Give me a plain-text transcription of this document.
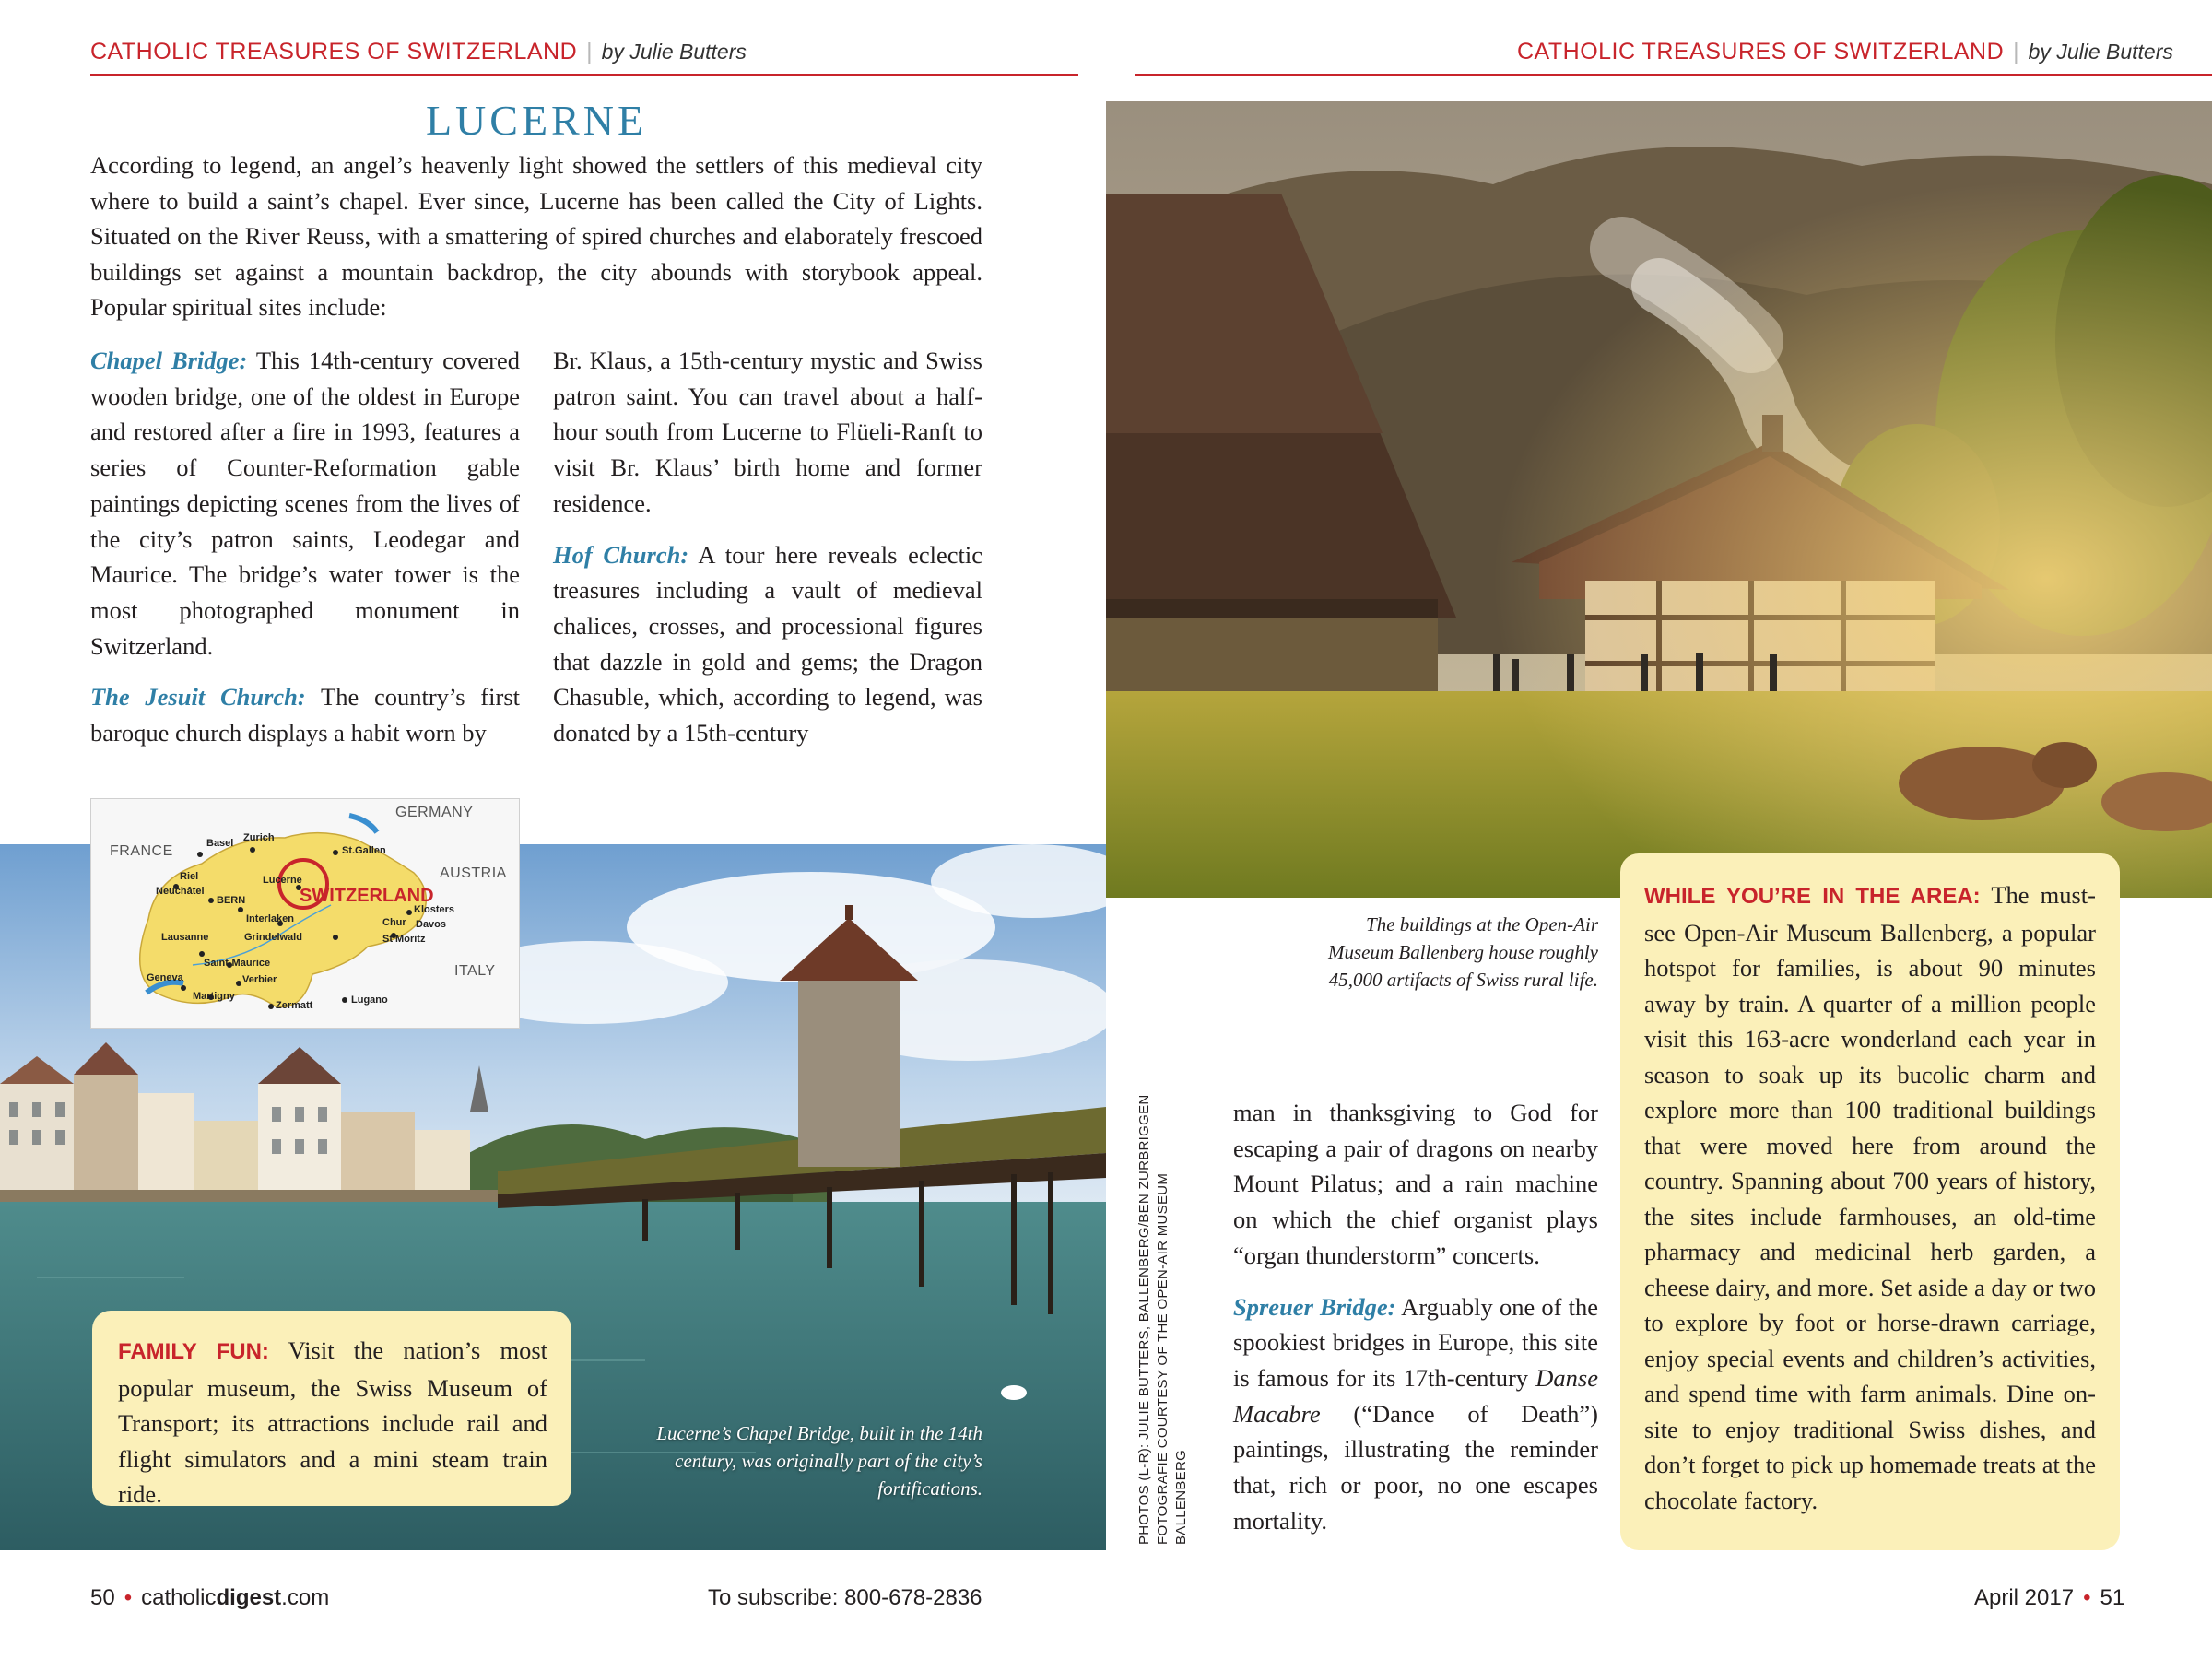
CATHOLIC TREASURES OF SWITZERLAND | by Julie Butters	CATHOLIC TREASURES OF SWITZERLAND | by Julie Butters
LUCERNE
According to legend, an angel’s heavenly light showed the settlers of this medieval city where to build a saint’s chapel. Ever since, Lucerne has been called the City of Lights. Situated on the River Reuss, with a smattering of spired churches and elaborately frescoed buildings set against a mountain backdrop, the city abounds with storybook appeal. Popular spiritual sites include:

Chapel Bridge: This 14th-century covered wooden bridge, one of the oldest in Europe and restored after a fire in 1993, features a series of Counter-Reformation gable paintings depicting scenes from the lives of the city’s patron saints, Leodegar and Maurice. The bridge’s water tower is the most photographed monument in Switzerland.

The Jesuit Church: The country’s first baroque church displays a habit worn by

Br. Klaus, a 15th-century mystic and Swiss patron saint. You can travel about a half-hour south from Lucerne to Flüeli-Ranft to visit Br. Klaus’ birth home and former residence.

Hof Church: A tour here reveals eclectic treasures including a vault of medieval chalices, crosses, and processional figures that dazzle in gold and gems; the Dragon Chasuble, which, according to legend, was donated by a 15th-century

GERMANY
FRANCE
AUSTRIA
ITALY
SWITZERLAND
Basel Zurich
St.Gallen
Riel
Neuchâtel
Lucerne
BERN
Interlaken
Klosters
Chur Davos
Grindelwald	St Moritz
Lausanne
Saint-Maurice
Geneva	Verbier
Martigny
Zermatt	Lugano
FAMILY FUN: Visit the nation’s most popular museum, the Swiss Museum of Transport; its attractions include rail and flight simulators and a mini steam train ride.
Lucerne’s Chapel Bridge, built in the 14th century, was originally part of the city’s fortifications.
The buildings at the Open-Air Museum Ballenberg house roughly 45,000 artifacts of Swiss rural life.
PHOTOS (L-R): JULIE BUTTERS, BALLENBERG/BEN ZURBRIGGEN FOTOGRAFIE COURTESY OF THE OPEN-AIR MUSEUM BALLENBERG

man in thanksgiving to God for escaping a pair of dragons on nearby Mount Pilatus; and a rain machine on which the chief organist plays “organ thunderstorm” concerts.

Spreuer Bridge: Arguably one of the spookiest bridges in Europe, this site is famous for its 17th-century Danse Macabre (“Dance of Death”) paintings, illustrating the reminder that, rich or poor, no one escapes mortality.

WHILE YOU’RE IN THE AREA: The must-see Open-Air Museum Ballenberg, a popular hotspot for families, is about 90 minutes away by train. A quarter of a million people visit this 163-acre wonderland each year in season to soak up its bucolic charm and explore more than 100 traditional buildings that were moved here from around the country. Spanning about 700 years of history, the sites include farmhouses, an old-time pharmacy and medicinal herb garden, a cheese dairy, and more. Set aside a day or two to explore by foot or horse-drawn carriage, enjoy special events and children’s activities, and spend time with farm animals. Dine on-site to enjoy traditional Swiss dishes, and don’t forget to pick up homemade treats at the chocolate factory.
50 • catholicdigest.com	To subscribe: 800-678-2836	April 2017 • 51
